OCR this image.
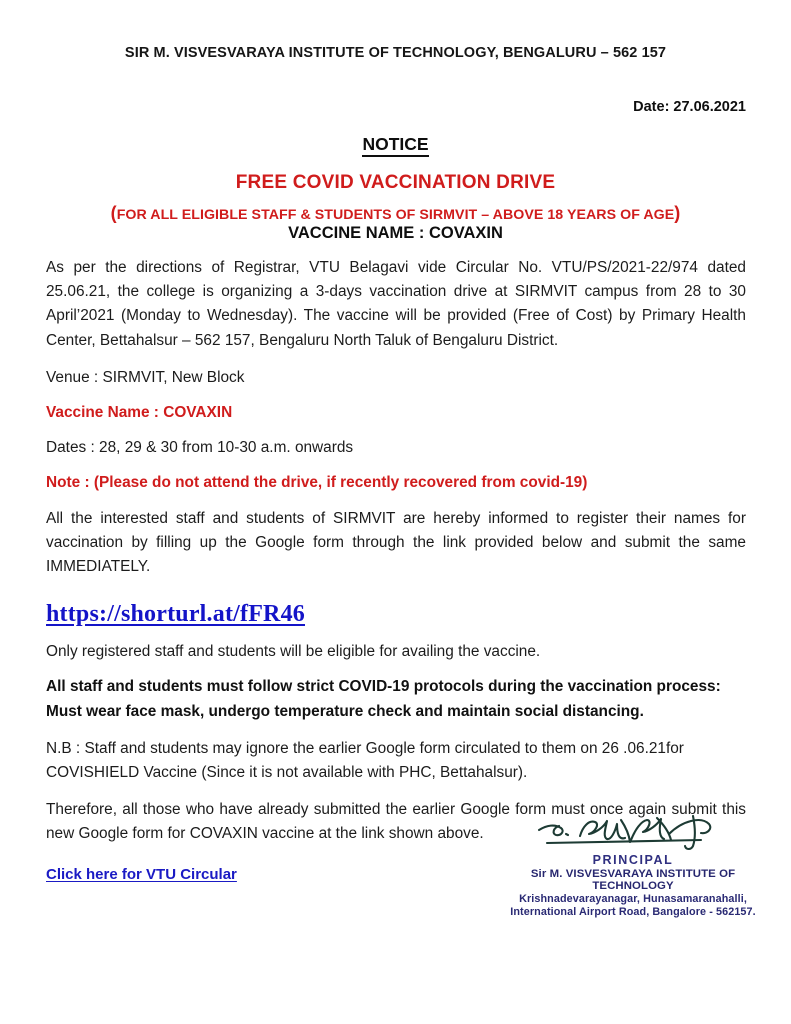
SIR M. VISVESVARAYA INSTITUTE OF TECHNOLOGY, BENGALURU – 562 157
Date: 27.06.2021
NOTICE
FREE COVID VACCINATION DRIVE
(FOR ALL ELIGIBLE STAFF & STUDENTS OF SIRMVIT – ABOVE 18 YEARS OF AGE)
VACCINE NAME : COVAXIN

As per the directions of Registrar, VTU Belagavi vide Circular No. VTU/PS/2021-22/974 dated 25.06.21, the college is organizing a 3-days vaccination drive at SIRMVIT campus from 28 to 30 April’2021 (Monday to Wednesday). The vaccine will be provided (Free of Cost) by Primary Health Center, Bettahalsur – 562 157, Bengaluru North Taluk of Bengaluru District.

Venue : SIRMVIT, New Block

Vaccine Name : COVAXIN

Dates : 28, 29 & 30 from 10-30 a.m. onwards

Note : (Please do not attend the drive, if recently recovered from covid-19)

All the interested staff and students of SIRMVIT are hereby informed to register their names for vaccination by filling up the Google form through the link provided below and submit the same IMMEDIATELY.

https://shorturl.at/fFR46

Only registered staff and students will be eligible for availing the vaccine.

All staff and students must follow strict COVID-19 protocols during the vaccination process: Must wear face mask, undergo temperature check and maintain social distancing.

N.B : Staff and students may ignore the earlier Google form circulated to them on 26 .06.21for COVISHIELD Vaccine (Since it is not available with PHC, Bettahalsur).

Therefore, all those who have already submitted the earlier Google form must once again submit this new Google form for COVAXIN vaccine at the link shown above.

Click here for VTU Circular
PRINCIPAL
Sir M. VISVESVARAYA INSTITUTE OF TECHNOLOGY
Krishnadevarayanagar, Hunasamaranahalli,
International Airport Road, Bangalore - 562157.
